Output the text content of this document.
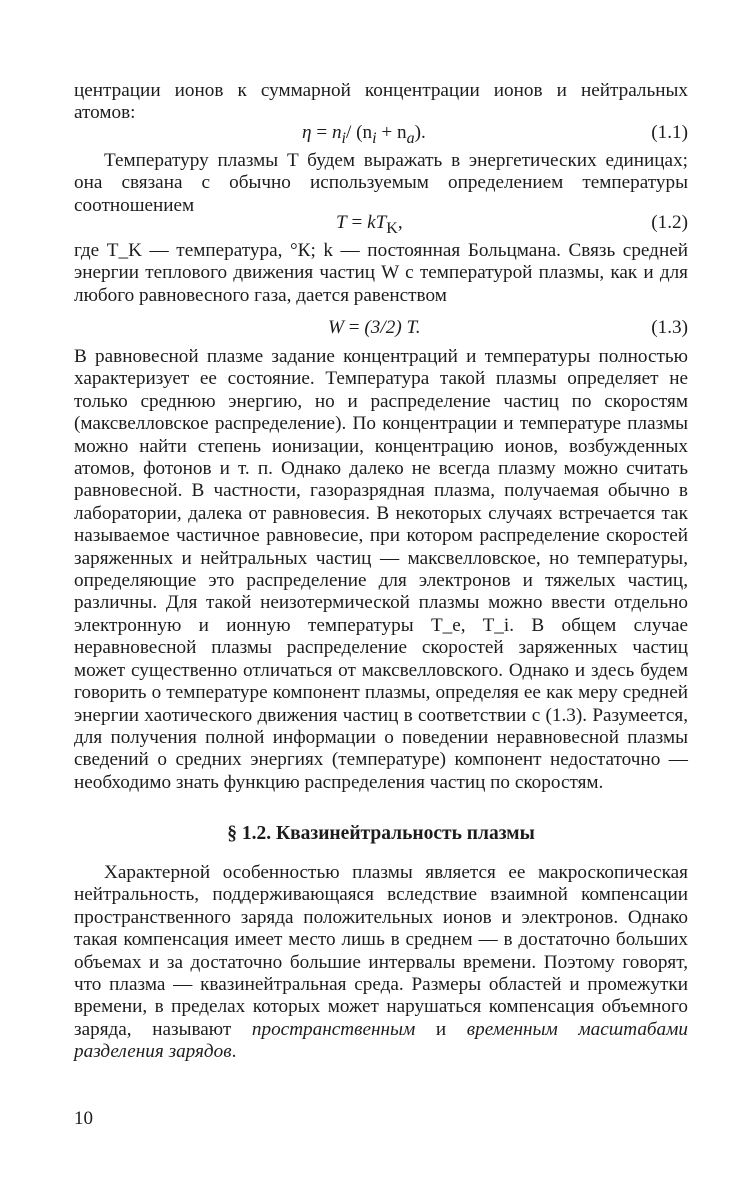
центрации ионов к суммарной концентрации ионов и нейтральных атомов:
$\eta = n_i/$ $(n_i + n_a)$.	(1.1)
Температуру плазмы T будем выражать в энергетических единицах; она связана с обычно используемым определением температуры соотношением
$T = kT_K$,	(1.2)
где T_K — температура, °К; k — постоянная Больцмана. Связь средней энергии теплового движения частиц W с температурой плазмы, как и для любого равновесного газа, дается равенством
W = (3/2) T.	(1.3)
В равновесной плазме задание концентраций и температуры полностью характеризует ее состояние. Температура такой плазмы определяет не только среднюю энергию, но и распределение частиц по скоростям (максвелловское распределение). По концентрации и температуре плазмы можно найти степень ионизации, концентрацию ионов, возбужденных атомов, фотонов и т. п. Однако далеко не всегда плазму можно считать равновесной. В частности, газоразрядная плазма, получаемая обычно в лаборатории, далека от равновесия. В некоторых случаях встречается так называемое частичное равновесие, при котором распределение скоростей заряженных и нейтральных частиц — максвелловское, но температуры, определяющие это распределение для электронов и тяжелых частиц, различны. Для такой неизотермической плазмы можно ввести отдельно электронную и ионную температуры T_e, T_i. В общем случае неравновесной плазмы распределение скоростей заряженных частиц может существенно отличаться от максвелловского. Однако и здесь будем говорить о температуре компонент плазмы, определяя ее как меру средней энергии хаотического движения частиц в соответствии с (1.3). Разумеется, для получения полной информации о поведении неравновесной плазмы сведений о средних энергиях (температуре) компонент недостаточно — необходимо знать функцию распределения частиц по скоростям.
§ 1.2. Квазинейтральность плазмы
Характерной особенностью плазмы является ее макроскопическая нейтральность, поддерживающаяся вследствие взаимной компенсации пространственного заряда положительных ионов и электронов. Однако такая компенсация имеет место лишь в среднем — в достаточно больших объемах и за достаточно большие интервалы времени. Поэтому говорят, что плазма — квазинейтральная среда. Размеры областей и промежутки времени, в пределах которых может нарушаться компенсация объемного заряда, называют пространственным и временным масштабами разделения зарядов.
10
